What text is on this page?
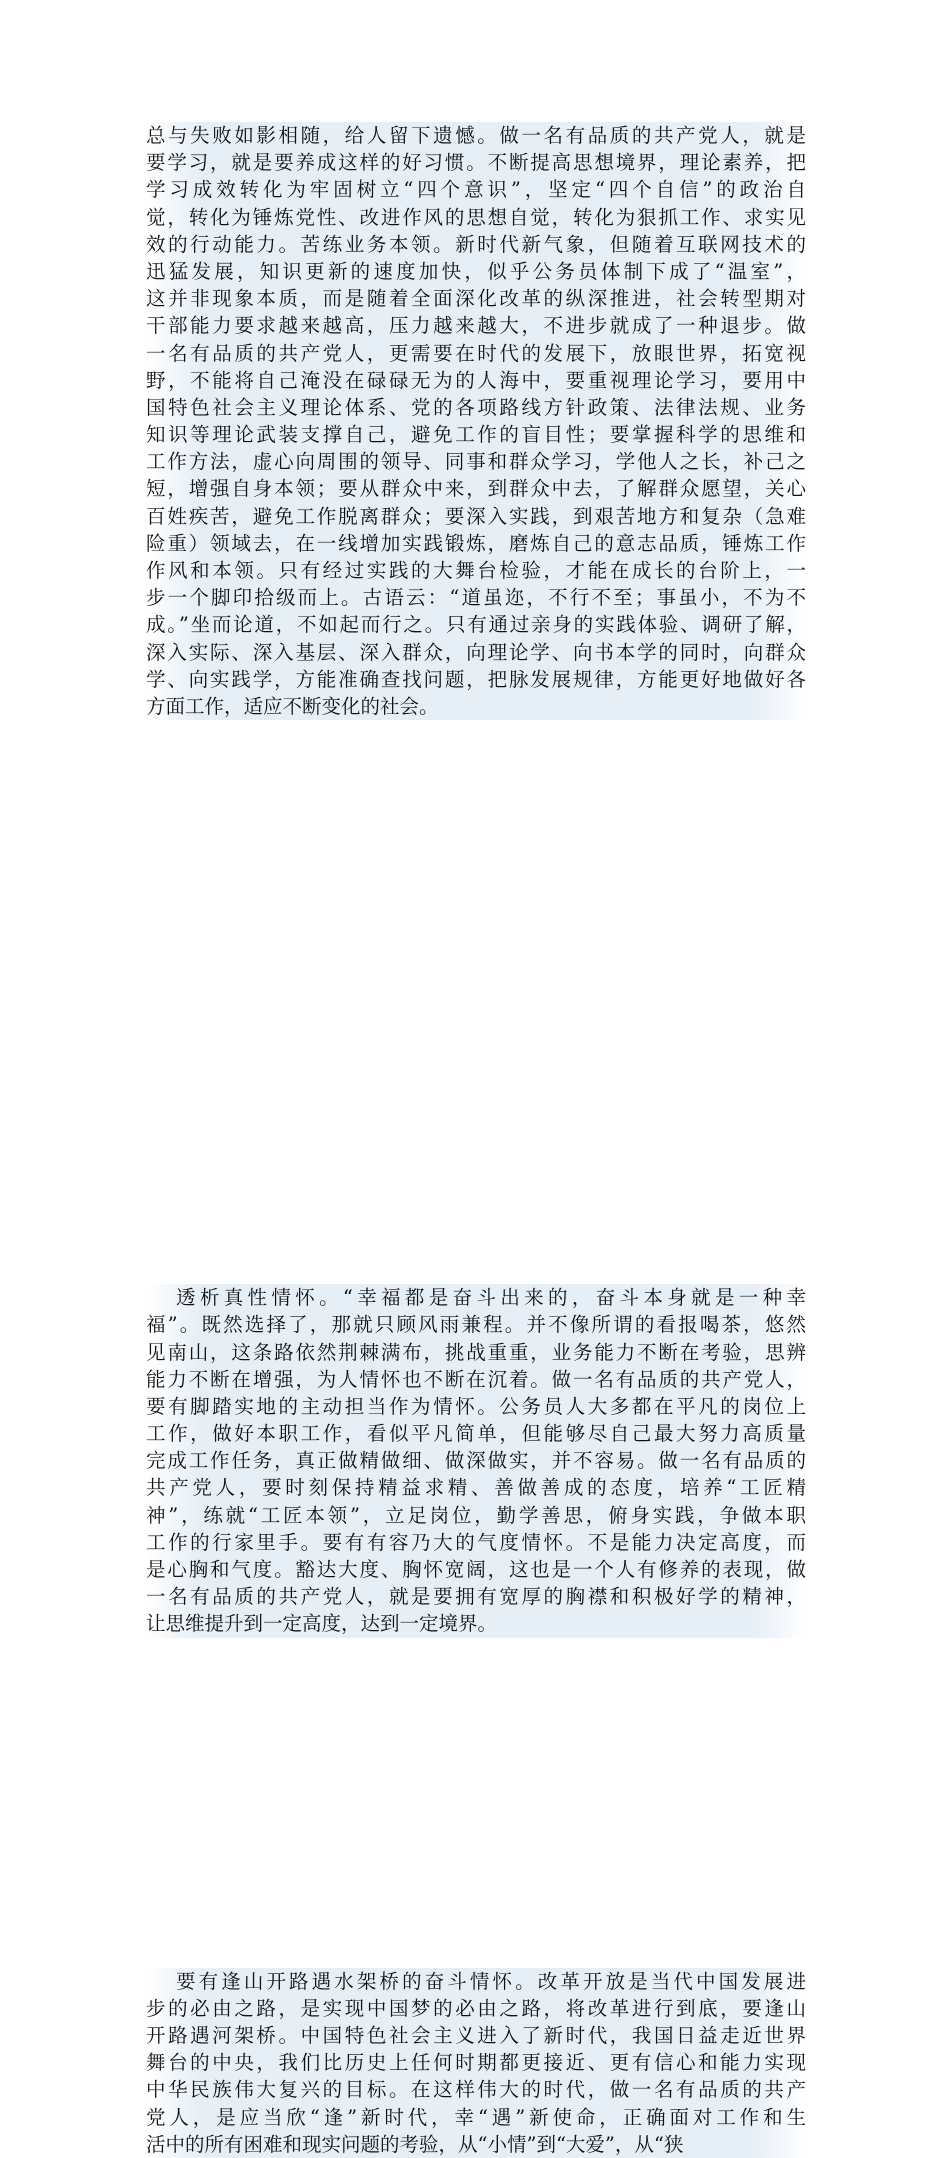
总与失败如影相随，给人留下遗憾。做一名有品质的共产党人，就是
要学习，就是要养成这样的好习惯。不断提高思想境界，理论素养，把
学习成效转化为牢固树立“四个意识”，坚定“四个自信”的政治自
觉，转化为锤炼党性、改进作风的思想自觉，转化为狠抓工作、求实见
效的行动能力。苦练业务本领。新时代新气象，但随着互联网技术的
迅猛发展，知识更新的速度加快，似乎公务员体制下成了“温室”，
这并非现象本质，而是随着全面深化改革的纵深推进，社会转型期对
干部能力要求越来越高，压力越来越大，不进步就成了一种退步。做
一名有品质的共产党人，更需要在时代的发展下，放眼世界，拓宽视
野，不能将自己淹没在碌碌无为的人海中，要重视理论学习，要用中
国特色社会主义理论体系、党的各项路线方针政策、法律法规、业务
知识等理论武装支撑自己，避免工作的盲目性；要掌握科学的思维和
工作方法，虚心向周围的领导、同事和群众学习，学他人之长，补己之
短，增强自身本领；要从群众中来，到群众中去，了解群众愿望，关心
百姓疾苦，避免工作脱离群众；要深入实践，到艰苦地方和复杂（急难
险重）领域去，在一线增加实践锻炼，磨炼自己的意志品质，锤炼工作
作风和本领。只有经过实践的大舞台检验，才能在成长的台阶上，一
步一个脚印拾级而上。古语云：“道虽迩，不行不至；事虽小，不为不
成。”坐而论道，不如起而行之。只有通过亲身的实践体验、调研了解，
深入实际、深入基层、深入群众，向理论学、向书本学的同时，向群众
学、向实践学，方能准确查找问题，把脉发展规律，方能更好地做好各
方面工作，适应不断变化的社会。
透析真性情怀。“幸福都是奋斗出来的，奋斗本身就是一种幸
福”。既然选择了，那就只顾风雨兼程。并不像所谓的看报喝茶，悠然
见南山，这条路依然荆棘满布，挑战重重，业务能力不断在考验，思辨
能力不断在增强，为人情怀也不断在沉着。做一名有品质的共产党人，
要有脚踏实地的主动担当作为情怀。公务员人大多都在平凡的岗位上
工作，做好本职工作，看似平凡简单，但能够尽自己最大努力高质量
完成工作任务，真正做精做细、做深做实，并不容易。做一名有品质的
共产党人，要时刻保持精益求精、善做善成的态度，培养“工匠精
神”，练就“工匠本领”，立足岗位，勤学善思，俯身实践，争做本职
工作的行家里手。要有有容乃大的气度情怀。不是能力决定高度，而
是心胸和气度。豁达大度、胸怀宽阔，这也是一个人有修养的表现，做
一名有品质的共产党人，就是要拥有宽厚的胸襟和积极好学的精神，
让思维提升到一定高度，达到一定境界。
要有逢山开路遇水架桥的奋斗情怀。改革开放是当代中国发展进
步的必由之路，是实现中国梦的必由之路，将改革进行到底，要逢山
开路遇河架桥。中国特色社会主义进入了新时代，我国日益走近世界
舞台的中央，我们比历史上任何时期都更接近、更有信心和能力实现
中华民族伟大复兴的目标。在这样伟大的时代，做一名有品质的共产
党人，是应当欣“逢”新时代，幸“遇”新使命，正确面对工作和生
活中的所有困难和现实问题的考验，从“小情”到“大爱”，从“狭
